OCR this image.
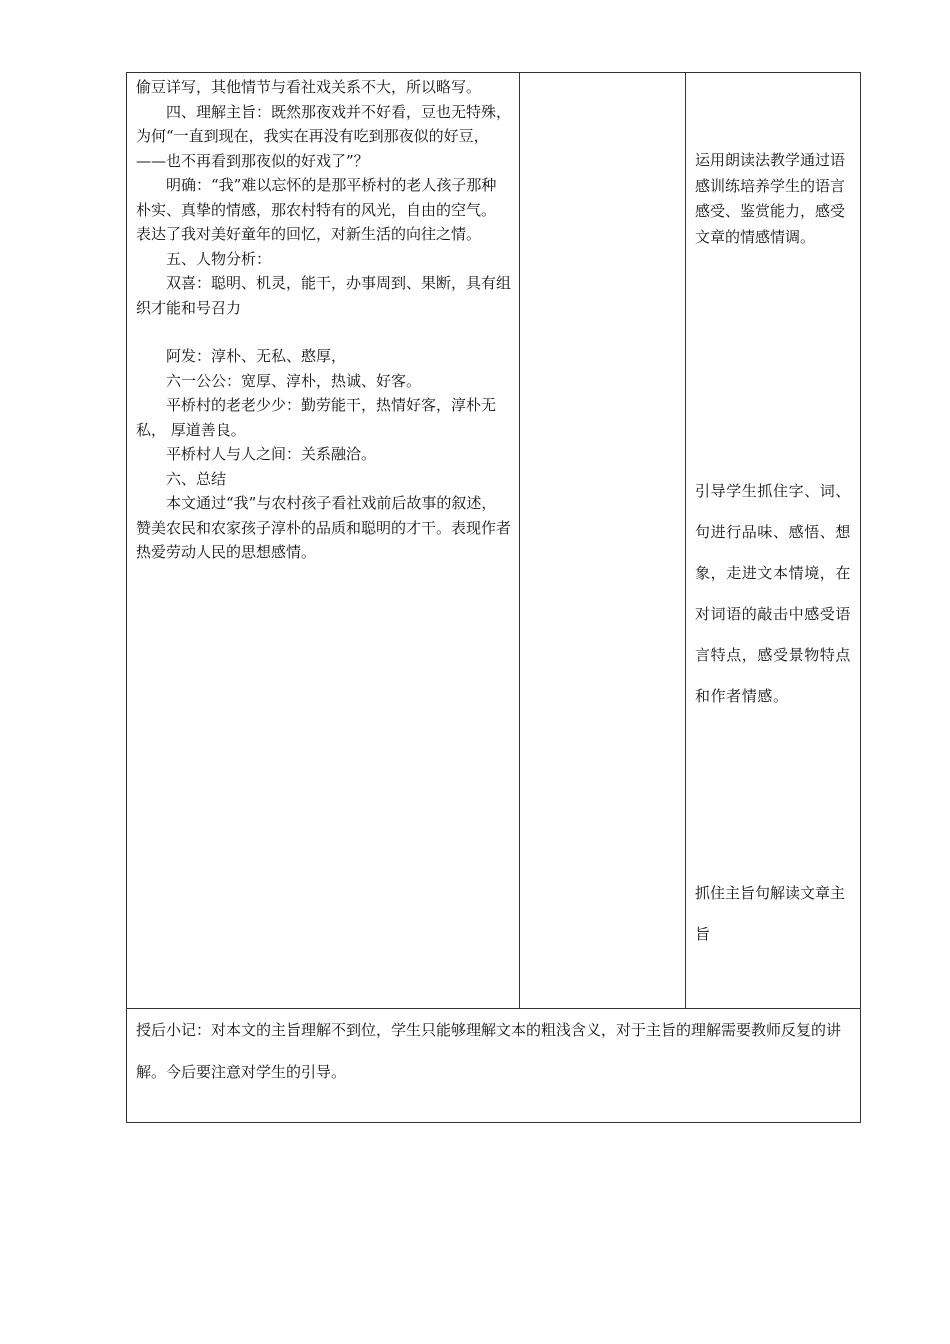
偷豆详写，其他情节与看社戏关系不大，所以略写。

四、理解主旨：既然那夜戏并不好看，豆也无特殊，为何“一直到现在，我实在再没有吃到那夜似的好豆，——也不再看到那夜似的好戏了”？

明确：“我”难以忘怀的是那平桥村的老人孩子那种朴实、真挚的情感，那农村特有的风光，自由的空气。 表达了我对美好童年的回忆，对新生活的向往之情。

五、人物分析：

双喜：聪明、机灵，能干，办事周到、果断，具有组织才能和号召力

阿发：淳朴、无私、憨厚，

六一公公：宽厚、淳朴，热诚、好客。

平桥村的老老少少：勤劳能干，热情好客，淳朴无私， 厚道善良。

平桥村人与人之间：关系融洽。

六、总结

本文通过“我”与农村孩子看社戏前后故事的叙述，赞美农民和农家孩子淳朴的品质和聪明的才干。表现作者热爱劳动人民的思想感情。

运用朗读法教学通过语感训练培养学生的语言感受、鉴赏能力，感受文章的情感情调。
引导学生抓住字、词、句进行品味、感悟、想象，走进文本情境，在对词语的敲击中感受语言特点，感受景物特点和作者情感。
抓住主旨句解读文章主旨
授后小记：对本文的主旨理解不到位，学生只能够理解文本的粗浅含义，对于主旨的理解需要教师反复的讲解。今后要注意对学生的引导。
